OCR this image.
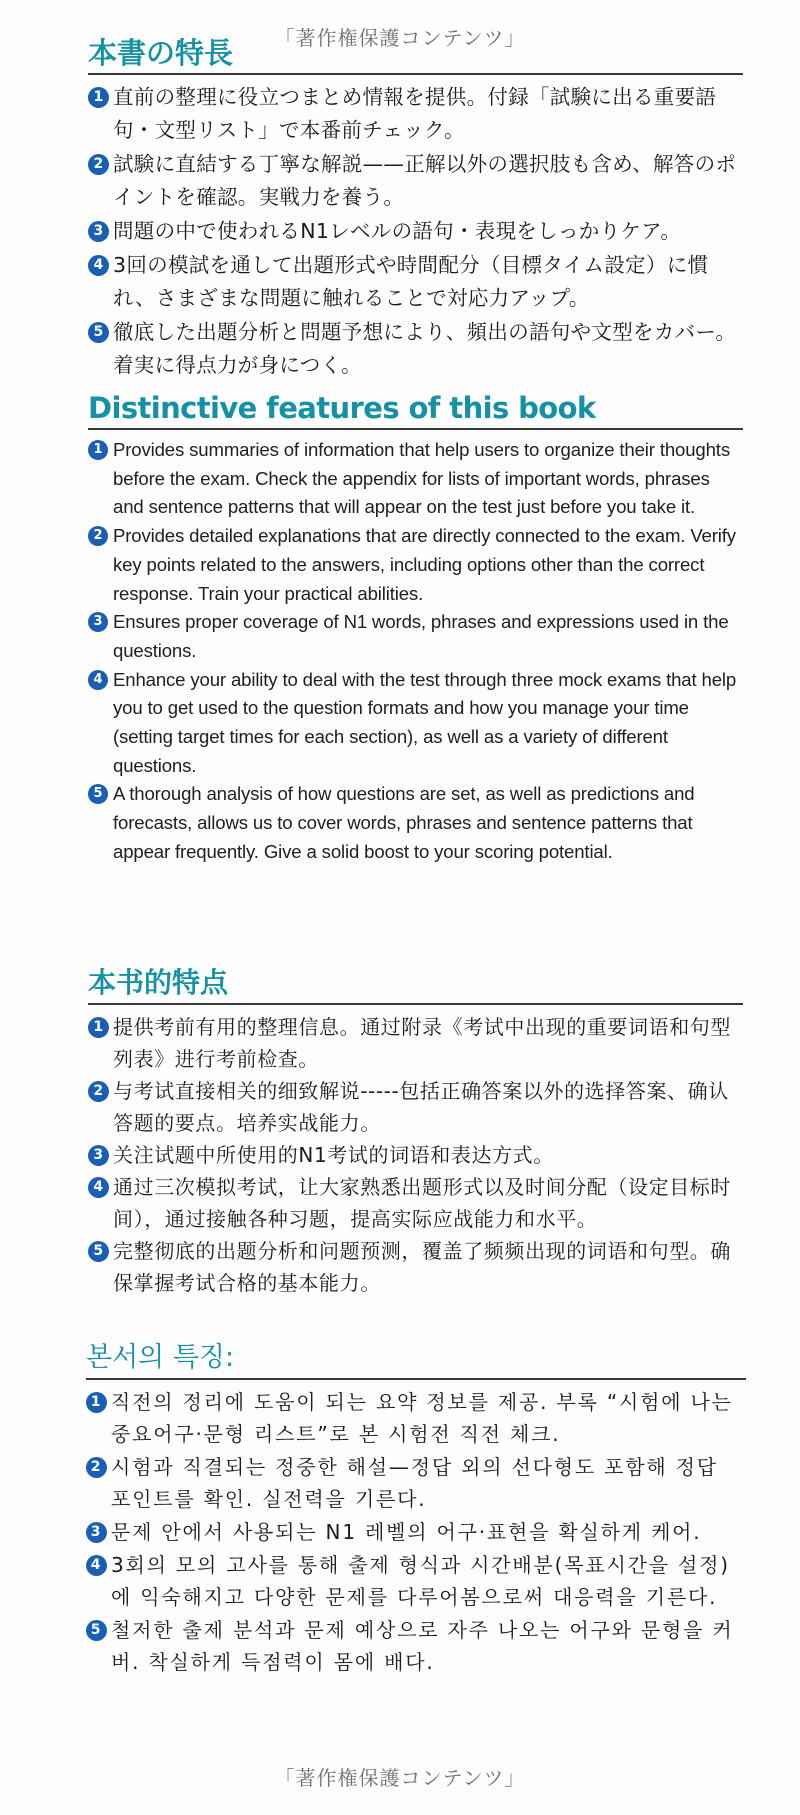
「著作権保護コンテンツ」
本書の特長
1 直前の整理に役立つまとめ情報を提供。付録「試験に出る重要語句・文型リスト」で本番前チェック。
2 試験に直結する丁寧な解説——正解以外の選択肢も含め、解答のポイントを確認。実戦力を養う。
3 問題の中で使われるN1レベルの語句・表現をしっかりケア。
4 3回の模試を通して出題形式や時間配分（目標タイム設定）に慣れ、さまざまな問題に触れることで対応力アップ。
5 徹底した出題分析と問題予想により、頻出の語句や文型をカバー。着実に得点力が身につく。
Distinctive features of this book
1 Provides summaries of information that help users to organize their thoughts before the exam. Check the appendix for lists of important words, phrases and sentence patterns that will appear on the test just before you take it.
2 Provides detailed explanations that are directly connected to the exam. Verify key points related to the answers, including options other than the correct response. Train your practical abilities.
3 Ensures proper coverage of N1 words, phrases and expressions used in the questions.
4 Enhance your ability to deal with the test through three mock exams that help you to get used to the question formats and how you manage your time (setting target times for each section), as well as a variety of different questions.
5 A thorough analysis of how questions are set, as well as predictions and forecasts, allows us to cover words, phrases and sentence patterns that appear frequently. Give a solid boost to your scoring potential.
本书的特点
1 提供考前有用的整理信息。通过附录《考试中出现的重要词语和句型列表》进行考前检查。
2 与考试直接相关的细致解说-----包括正确答案以外的选择答案、确认答题的要点。培养实战能力。
3 关注试题中所使用的N1考试的词语和表达方式。
4 通过三次模拟考试，让大家熟悉出题形式以及时间分配（设定目标时间），通过接触各种习题，提高实际应战能力和水平。
5 完整彻底的出题分析和问题预测，覆盖了频频出现的词语和句型。确保掌握考试合格的基本能力。
본서의 특징:
1 직전의 정리에 도움이 되는 요약 정보를 제공. 부록 “시험에 나는 중요어구·문형 리스트”로 본 시험전 직전 체크.
2 시험과 직결되는 정중한 해설—정답 외의 선다형도 포함해 정답 포인트를 확인. 실전력을 기른다.
3 문제 안에서 사용되는 N1 레벨의 어구·표현을 확실하게 케어.
4 3회의 모의 고사를 통해 출제 형식과 시간배분(목표시간을 설정)에 익숙해지고 다양한 문제를 다루어봄으로써 대응력을 기른다.
5 철저한 출제 분석과 문제 예상으로 자주 나오는 어구와 문형을 커버. 착실하게 득점력이 몸에 배다.
「著作権保護コンテンツ」
